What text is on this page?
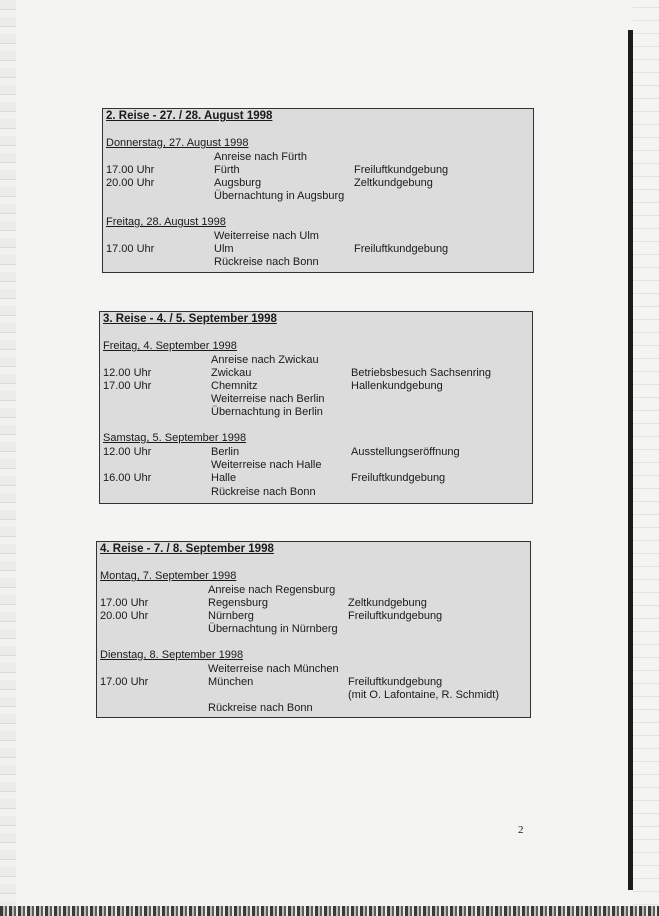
2. Reise - 27. / 28. August 1998
Donnerstag, 27. August 1998
Anreise nach Fürth
17.00 Uhr	Fürth	Freiluftkundgebung
20.00 Uhr	Augsburg	Zeltkundgebung
Übernachtung in Augsburg
Freitag, 28. August 1998
Weiterreise nach Ulm
17.00 Uhr	Ulm	Freiluftkundgebung
Rückreise nach Bonn
3. Reise - 4. / 5. September 1998
Freitag, 4. September 1998
Anreise nach Zwickau
12.00 Uhr	Zwickau	Betriebsbesuch Sachsenring
17.00 Uhr	Chemnitz	Hallenkundgebung
Weiterreise nach Berlin
Übernachtung in Berlin
Samstag, 5. September 1998
12.00 Uhr	Berlin	Ausstellungseröffnung
Weiterreise nach Halle
16.00 Uhr	Halle	Freiluftkundgebung
Rückreise nach Bonn
4. Reise - 7. / 8. September 1998
Montag, 7. September 1998
Anreise nach Regensburg
17.00 Uhr	Regensburg	Zeltkundgebung
20.00 Uhr	Nürnberg	Freiluftkundgebung
Übernachtung in Nürnberg
Dienstag, 8. September 1998
Weiterreise nach München
17.00 Uhr	München	Freiluftkundgebung
(mit O. Lafontaine, R. Schmidt)
Rückreise nach Bonn
2
